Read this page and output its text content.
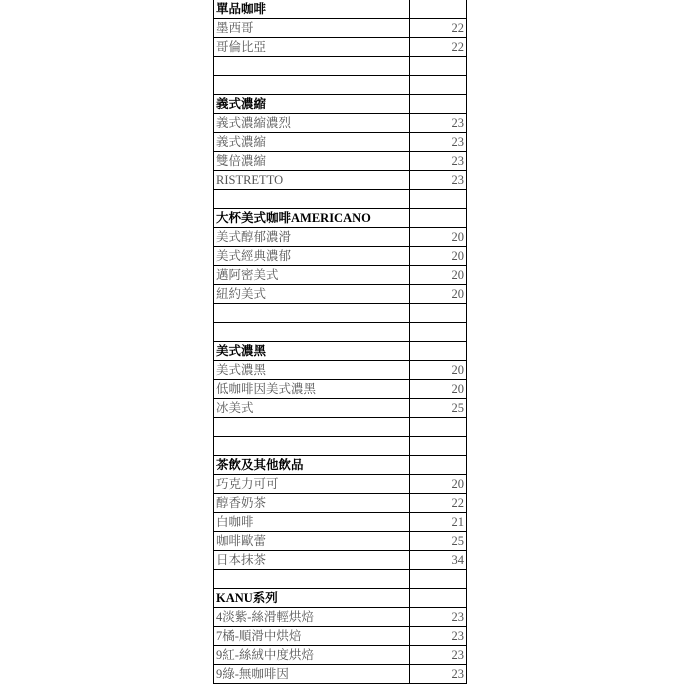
單品咖啡	
墨西哥	22
哥倫比亞	22

義式濃縮	
義式濃縮濃烈	23
義式濃縮	23
雙倍濃縮	23
RISTRETTO	23

大杯美式咖啡AMERICANO	
美式醇郁濃滑	20
美式經典濃郁	20
邁阿密美式	20
紐約美式	20

美式濃黑	
美式濃黑	20
低咖啡因美式濃黑	20
冰美式	25

茶飲及其他飲品	
巧克力可可	20
醇香奶茶	22
白咖啡	21
咖啡歐蕾	25
日本抹茶	34

KANU系列	
4淡紫-絲滑輕烘焙	23
7橘-順滑中烘焙	23
9紅-絲絨中度烘焙	23
9綠-無咖啡因	23
